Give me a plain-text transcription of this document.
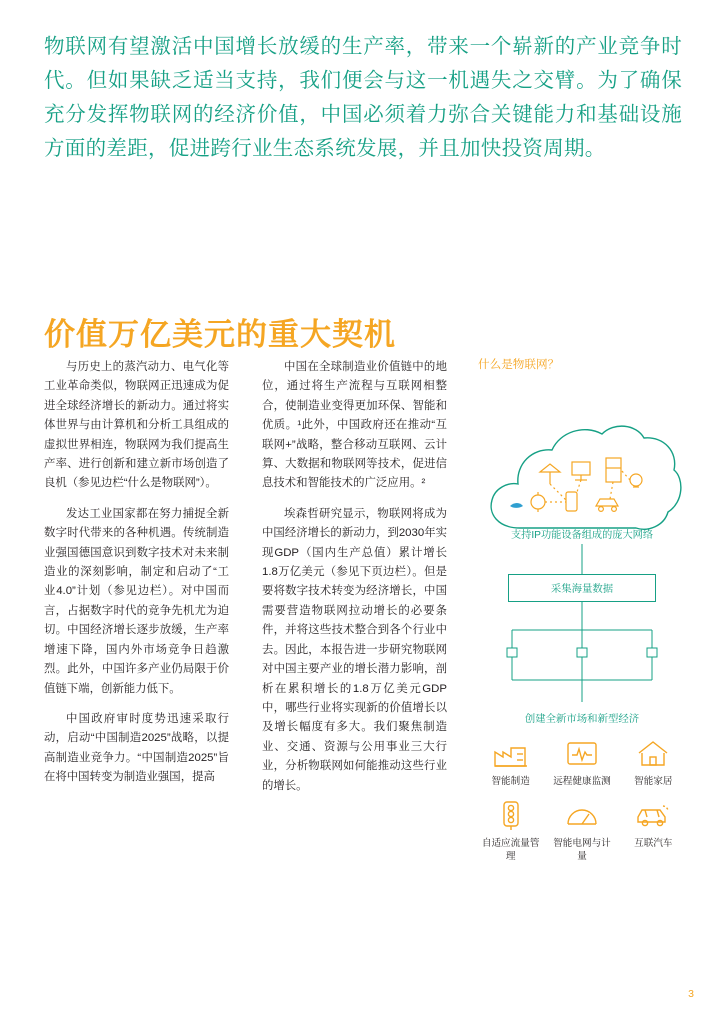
物联网有望激活中国增长放缓的生产率，带来一个崭新的产业竞争时代。但如果缺乏适当支持，我们便会与这一机遇失之交臂。为了确保充分发挥物联网的经济价值，中国必须着力弥合关键能力和基础设施方面的差距，促进跨行业生态系统发展，并且加快投资周期。
价值万亿美元的重大契机

与历史上的蒸汽动力、电气化等工业革命类似，物联网正迅速成为促进全球经济增长的新动力。通过将实体世界与由计算机和分析工具组成的虚拟世界相连，物联网为我们提高生产率、进行创新和建立新市场创造了良机（参见边栏“什么是物联网”）。

发达工业国家都在努力捕捉全新数字时代带来的各种机遇。传统制造业强国德国意识到数字技术对未来制造业的深刻影响，制定和启动了“工业4.0”计划（参见边栏）。对中国而言，占据数字时代的竞争先机尤为迫切。中国经济增长逐步放缓，生产率增速下降，国内外市场竞争日趋激烈。此外，中国许多产业仍局限于价值链下端，创新能力低下。

中国政府审时度势迅速采取行动，启动“中国制造2025”战略，以提高制造业竞争力。“中国制造2025”旨在将中国转变为制造业强国，提高

中国在全球制造业价值链中的地位，通过将生产流程与互联网相整合，使制造业变得更加环保、智能和优质。¹此外，中国政府还在推动“互联网+”战略，整合移动互联网、云计算、大数据和物联网等技术，促进信息技术和智能技术的广泛应用。²

埃森哲研究显示，物联网将成为中国经济增长的新动力，到2030年实现GDP（国内生产总值）累计增长1.8万亿美元（参见下页边栏）。但是要将数字技术转变为经济增长，中国需要营造物联网拉动增长的必要条件，并将这些技术整合到各个行业中去。因此，本报告进一步研究物联网对中国主要产业的增长潜力影响，剖析在累积增长的1.8万亿美元GDP中，哪些行业将实现新的价值增长以及增长幅度有多大。我们聚焦制造业、交通、资源与公用事业三大行业，分析物联网如何能推动这些行业的增长。

什么是物联网？
支持IP功能设备组成的庞大网络
采集海量数据
创建全新市场和新型经济
智能制造 远程健康监测 智能家居
自适应流量管理
智能电网与计量
互联汽车
3
